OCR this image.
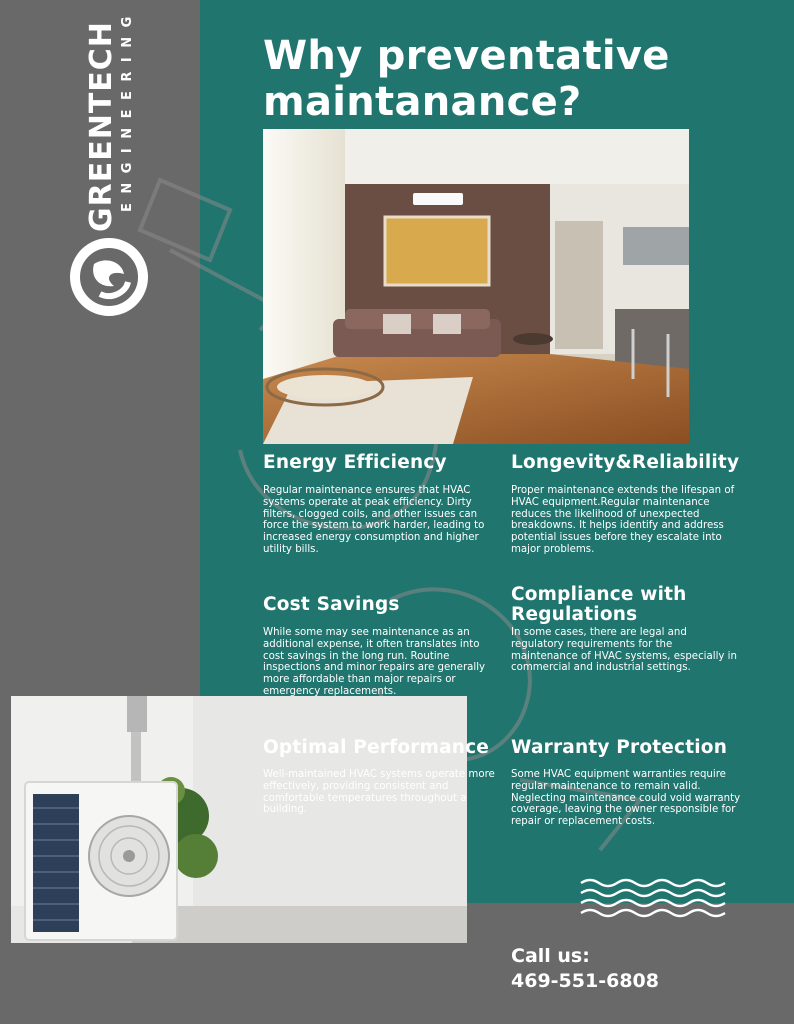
GREENTECH ENGINEERING	Why preventative
maintanance?
Energy Efficiency

Regular maintenance ensures that HVAC systems operate at peak efficiency. Dirty filters, clogged coils, and other issues can force the system to work harder, leading to increased energy consumption and higher utility bills.

Longevity&Reliability

Proper maintenance extends the lifespan of HVAC equipment.Regular maintenance reduces the likelihood of unexpected breakdowns. It helps identify and address potential issues before they escalate into major problems.

Cost Savings

While some may see maintenance as an additional expense, it often translates into cost savings in the long run. Routine inspections and minor repairs are generally more affordable than major repairs or emergency replacements.

Compliance with Regulations

In some cases, there are legal and regulatory requirements for the maintenance of HVAC systems, especially in commercial and industrial settings.

Optimal Performance

Well-maintained HVAC systems operate more effectively, providing consistent and comfortable temperatures throughout a building.

Warranty Protection

Some HVAC equipment warranties require regular maintenance to remain valid. Neglecting maintenance could void warranty coverage, leaving the owner responsible for repair or replacement costs.

Call us:
469-551-6808
